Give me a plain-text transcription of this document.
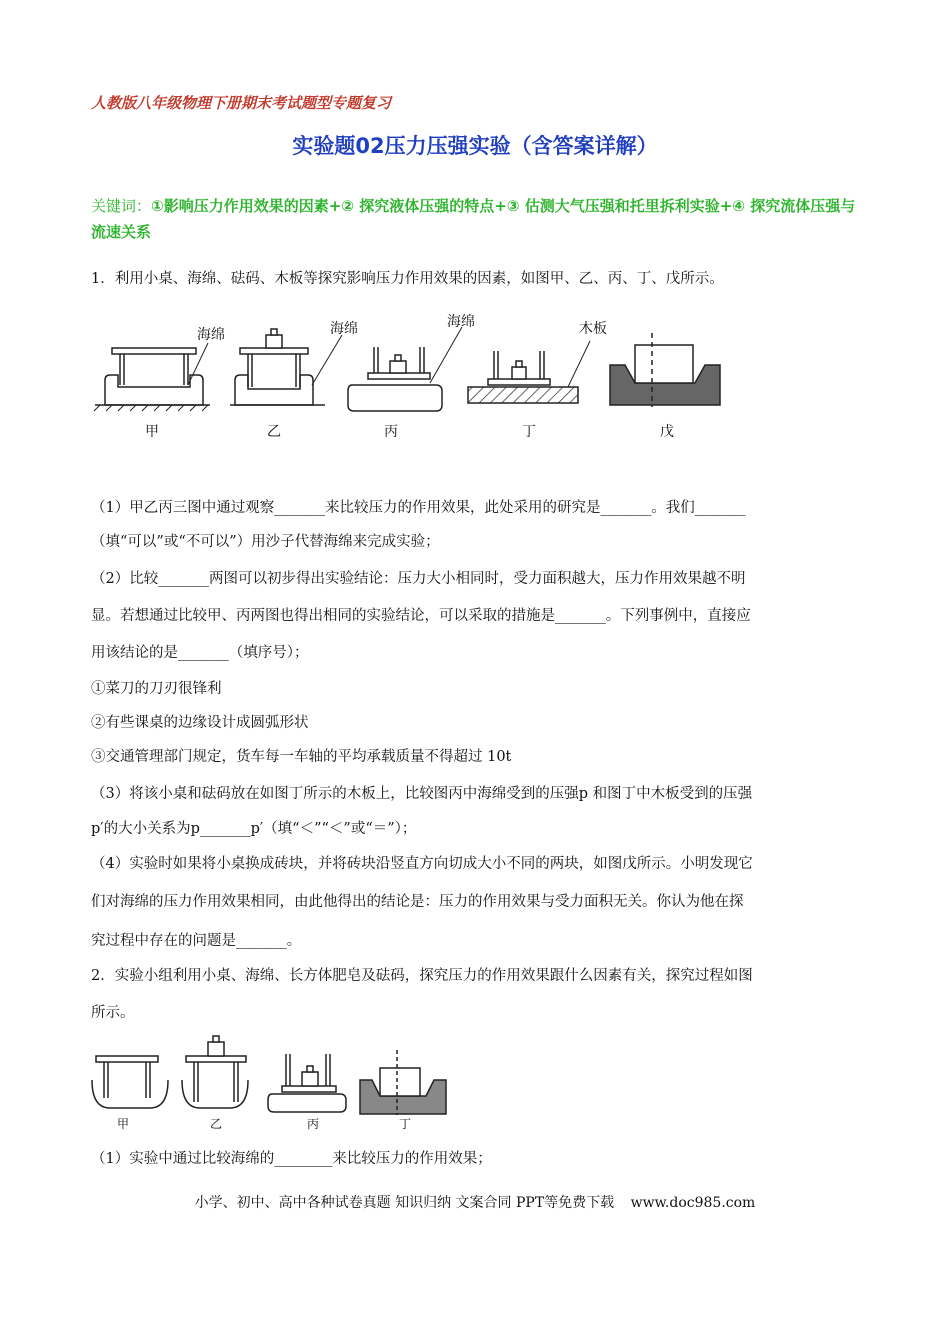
人教版八年级物理下册期末考试题型专题复习
实验题02压力压强实验（含答案详解）
关键词：①影响压力作用效果的因素+② 探究液体压强的特点+③ 估测大气压强和托里拆利实验+④ 探究流体压强与流速关系
1．利用小桌、海绵、砝码、木板等探究影响压力作用效果的因素，如图甲、乙、丙、丁、戊所示。
海绵	海绵	海绵	木板
甲	乙	丙	丁	戊
（1）甲乙丙三图中通过观察_______来比较压力的作用效果，此处采用的研究是_______。我们_______
（填“可以”或“不可以”）用沙子代替海绵来完成实验；
（2）比较_______两图可以初步得出实验结论：压力大小相同时，受力面积越大，压力作用效果越不明
显。若想通过比较甲、丙两图也得出相同的实验结论，可以采取的措施是_______。下列事例中，直接应
用该结论的是_______（填序号）；
①菜刀的刀刃很锋利
②有些课桌的边缘设计成圆弧形状
③交通管理部门规定，货车每一车轴的平均承载质量不得超过 10t
（3）将该小桌和砝码放在如图丁所示的木板上，比较图丙中海绵受到的压强p 和图丁中木板受到的压强
p′的大小关系为p_______p′（填“＜”“＜”或“＝”）；
（4）实验时如果将小桌换成砖块，并将砖块沿竖直方向切成大小不同的两块，如图戊所示。小明发现它
们对海绵的压力作用效果相同，由此他得出的结论是：压力的作用效果与受力面积无关。你认为他在探
究过程中存在的问题是_______。
2．实验小组利用小桌、海绵、长方体肥皂及砝码，探究压力的作用效果跟什么因素有关，探究过程如图
所示。
甲	乙	丙	丁
（1）实验中通过比较海绵的________来比较压力的作用效果；
小学、初中、高中各种试卷真题 知识归纳 文案合同 PPT等免费下载 www.doc985.com
